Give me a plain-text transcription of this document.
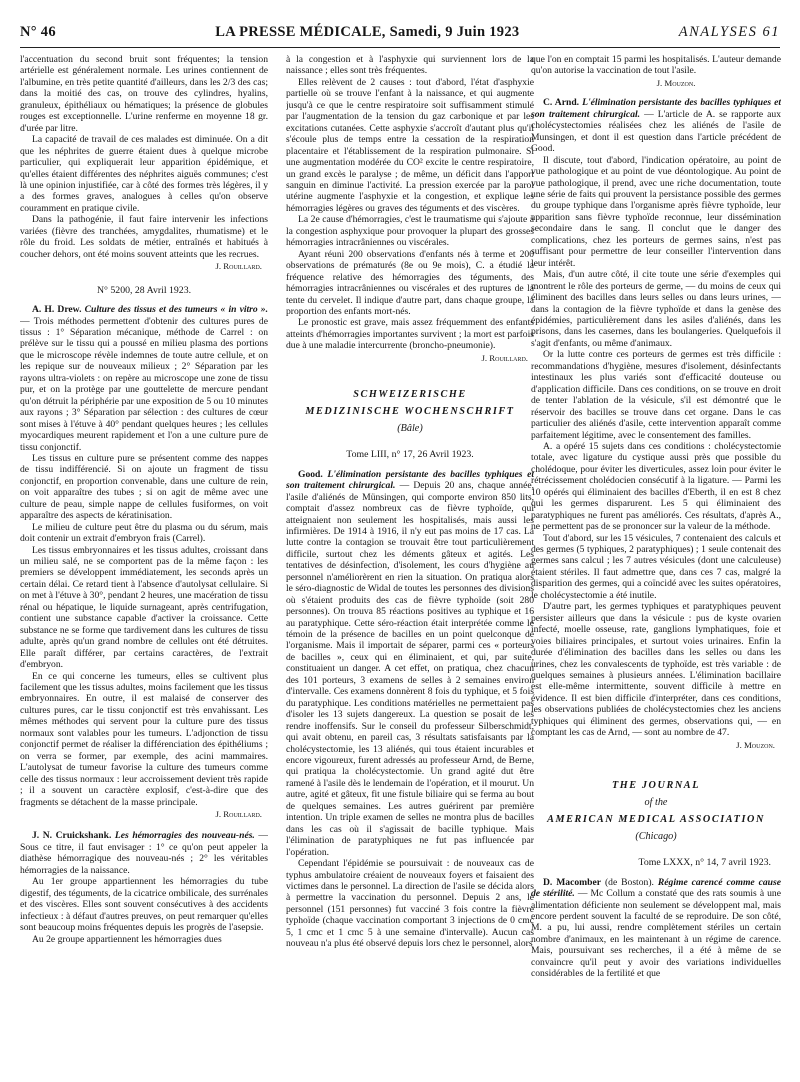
N° 46	LA PRESSE MÉDICALE, Samedi, 9 Juin 1923	ANALYSES 61

l'accentuation du second bruit sont fréquentes; la tension artérielle est généralement normale. Les urines contiennent de l'albumine, en très petite quantité d'ailleurs, dans les 2/3 des cas; dans la moitié des cas, on trouve des cylindres, hyalins, granuleux, épithéliaux ou hématiques; la présence de globules rouges est exceptionnelle. L'urine renferme en moyenne 18 gr. d'urée par litre.

La capacité de travail de ces malades est diminuée. On a dit que les néphrites de guerre étaient dues à quelque microbe particulier, qui expliquerait leur apparition épidémique, et qu'elles étaient différentes des néphrites aiguës communes; c'est là une opinion injustifiée, car à côté des formes très légères, il y a des formes graves, analogues à celles qu'on observe couramment en pratique civile.

Dans la pathogénie, il faut faire intervenir les infections variées (fièvre des tranchées, amygdalites, rhumatisme) et le rôle du froid. Les soldats de métier, entraînés et habitués à coucher dehors, ont été moins souvent atteints que les recrues.

J. Rouillard.
N° 5200, 28 Avril 1923.

A. H. Drew. Culture des tissus et des tumeurs « in vitro ». — Trois méthodes permettent d'obtenir des cultures pures de tissus : 1° Séparation mécanique, méthode de Carrel : on prélève sur le tissu qui a poussé en milieu plasma des portions que le microscope révèle indemnes de toute autre cellule, et on les repique sur de nouveaux milieux ; 2° Séparation par les rayons ultra-violets : on repère au microscope une zone de tissu pur, et on la protège par une gouttelette de mercure pendant qu'on détruit la périphérie par une exposition de 5 ou 10 minutes aux rayons ; 3° Séparation par sélection : des cultures de cœur sont mises à l'étuve à 40° pendant quelques heures ; les cellules myocardiques meurent rapidement et l'on a une culture pure de tissu conjonctif.

Les tissus en culture pure se présentent comme des nappes de tissu indifférencié. Si on ajoute un fragment de tissu conjonctif, en proportion convenable, dans une culture de rein, on voit apparaître des tubes ; si on agit de même avec une culture de peau, simple nappe de cellules fusiformes, on voit apparaître des aspects de kératinisation.

Le milieu de culture peut être du plasma ou du sérum, mais doit contenir un extrait d'embryon frais (Carrel).

Les tissus embryonnaires et les tissus adultes, croissant dans un milieu salé, ne se comportent pas de la même façon : les premiers se développent immédiatement, les seconds après un certain délai. Ce retard tient à l'absence d'autolysat cellulaire. Si on met à l'étuve à 30°, pendant 2 heures, une macération de tissu rénal ou hépatique, le liquide surnageant, après centrifugation, contient une substance capable d'activer la croissance. Cette substance ne se forme que tardivement dans les cultures de tissu adulte, après qu'un grand nombre de cellules ont été détruites. Elle paraît différer, par certains caractères, de l'extrait d'embryon.

En ce qui concerne les tumeurs, elles se cultivent plus facilement que les tissus adultes, moins facilement que les tissus embryonnaires. En outre, il est malaisé de conserver des cultures pures, car le tissu conjonctif est très envahissant. Les mêmes méthodes qui servent pour la culture pure des tissus normaux sont valables pour les tumeurs. L'adjonction de tissu conjonctif permet de réaliser la différenciation des épithéliums ; on verra se former, par exemple, des acini mammaires. L'autolysat de tumeur favorise la culture des tumeurs comme celle des tissus normaux : leur accroissement devient très rapide ; il a souvent un caractère explosif, c'est-à-dire que des fragments se détachent de la masse principale.

J. Rouillard.

J. N. Cruickshank. Les hémorragies des nouveau-nés. — Sous ce titre, il faut envisager : 1° ce qu'on peut appeler la diathèse hémorragique des nouveau-nés ; 2° les véritables hémorragies de la naissance.

Au 1er groupe appartiennent les hémorragies du tube digestif, des téguments, de la cicatrice ombilicale, des surrénales et des viscères. Elles sont souvent consécutives à des accidents infectieux : à défaut d'autres preuves, on peut remarquer qu'elles sont beaucoup moins fréquentes depuis les progrès de l'asepsie.

Au 2e groupe appartiennent les hémorragies dues

à la congestion et à l'asphyxie qui surviennent lors de la naissance ; elles sont très fréquentes.

Elles relèvent de 2 causes : tout d'abord, l'état d'asphyxie partielle où se trouve l'enfant à la naissance, et qui augmente jusqu'à ce que le centre respiratoire soit suffisamment stimulé par l'augmentation de la tension du gaz carbonique et par les excitations cutanées. Cette asphyxie s'accroît d'autant plus qu'il s'écoule plus de temps entre la cessation de la respiration placentaire et l'établissement de la respiration pulmonaire. Si une augmentation modérée du CO² excite le centre respiratoire, un grand excès le paralyse ; de même, un déficit dans l'apport sanguin en diminue l'activité. La pression exercée par la paroi utérine augmente l'asphyxie et la congestion, et explique les hémorragies légères ou graves des téguments et des viscères.

La 2e cause d'hémorragies, c'est le traumatisme qui s'ajoute à la congestion asphyxique pour provoquer la plupart des grosses hémorragies intracrâniennes ou viscérales.

Ayant réuni 200 observations d'enfants nés à terme et 200 observations de prématurés (8e ou 9e mois), C. a étudié la fréquence relative des hémorragies des téguments, des hémorragies intracrâniennes ou viscérales et des ruptures de la tente du cervelet. Il indique d'autre part, dans chaque groupe, la proportion des enfants mort-nés.

Le pronostic est grave, mais assez fréquemment des enfants atteints d'hémorragies importantes survivent ; la mort est parfois due à une maladie intercurrente (broncho-pneumonie).

J. Rouillard.
SCHWEIZERISCHE
MEDIZINISCHE WOCHENSCHRIFT
(Bâle)
Tome LIII, n° 17, 26 Avril 1923.

Good. L'élimination persistante des bacilles typhiques et son traitement chirurgical. — Depuis 20 ans, chaque année, l'asile d'aliénés de Münsingen, qui comporte environ 850 lits, comptait d'assez nombreux cas de fièvre typhoïde, qui atteignaient non seulement les hospitalisés, mais aussi les infirmières. De 1914 à 1916, il n'y eut pas moins de 17 cas. La lutte contre la contagion se trouvait être tout particulièrement difficile, surtout chez les déments gâteux et agités. Les tentatives de désinfection, d'isolement, les cours d'hygiène au personnel n'améliorèrent en rien la situation. On pratiqua alors le séro-diagnostic de Widal de toutes les personnes des divisions où s'étaient produits des cas de fièvre typhoïde (soit 280 personnes). On trouva 85 réactions positives au typhique et 16 au paratyphique. Cette séro-réaction était interprétée comme le témoin de la présence de bacilles en un point quelconque de l'organisme. Mais il importait de séparer, parmi ces « porteurs de bacilles », ceux qui en éliminaient, et qui, par suite, constituaient un danger. A cet effet, on pratiqua, chez chacun des 101 porteurs, 3 examens de selles à 2 semaines environ d'intervalle. Ces examens donnèrent 8 fois du typhique, et 5 fois du paratyphique. Les conditions matérielles ne permettaient pas d'isoler les 13 sujets dangereux. La question se posait de les rendre inoffensifs. Sur le conseil du professeur Silberschmidt, qui avait obtenu, en pareil cas, 3 résultats satisfaisants par la cholécystectomie, les 13 aliénés, qui tous étaient incurables et encore vigoureux, furent adressés au professeur Arnd, de Berne, qui pratiqua la cholécystectomie. Un grand agité dut être ramené à l'asile dès le lendemain de l'opération, et il mourut. Un autre, agité et gâteux, fit une fistule biliaire qui se ferma au bout de quelques semaines. Les autres guérirent par première intention. Un triple examen de selles ne montra plus de bacilles dans les cas où il s'agissait de bacille typhique. Mais l'élimination de paratyphiques ne fut pas influencée par l'opération.

Cependant l'épidémie se poursuivait : de nouveaux cas de typhus ambulatoire créaient de nouveaux foyers et faisaient des victimes dans le personnel. La direction de l'asile se décida alors à permettre la vaccination du personnel. Depuis 2 ans, le personnel (151 personnes) fut vacciné 3 fois contre la fièvre typhoïde (chaque vaccination comportant 3 injections de 0 cmc 5, 1 cmc et 1 cmc 5 à une semaine d'intervalle). Aucun cas nouveau n'a plus été observé depuis lors chez le personnel, alors

que l'on en comptait 15 parmi les hospitalisés. L'auteur demande qu'on autorise la vaccination de tout l'asile.

J. Mouzon.

C. Arnd. L'élimination persistante des bacilles typhiques et son traitement chirurgical. — L'article de A. se rapporte aux cholécystectomies réalisées chez les aliénés de l'asile de Munsingen, et dont il est question dans l'article précédent de Good.

Il discute, tout d'abord, l'indication opératoire, au point de vue pathologique et au point de vue déontologique. Au point de vue pathologique, il prend, avec une riche documentation, toute une série de faits qui prouvent la persistance possible des germes du groupe typhique dans l'organisme après fièvre typhoïde, leur apparition sans fièvre typhoïde reconnue, leur dissémination secondaire dans le sang. Il conclut que le danger des complications, chez les porteurs de germes sains, n'est pas suffisant pour permettre de leur conseiller l'intervention dans leur intérêt.

Mais, d'un autre côté, il cite toute une série d'exemples qui montrent le rôle des porteurs de germe, — du moins de ceux qui éliminent des bacilles dans leurs selles ou dans leurs urines, — dans la contagion de la fièvre typhoïde et dans la genèse des épidémies, particulièrement dans les asiles d'aliénés, dans les prisons, dans les casernes, dans les boulangeries. Quelquefois il s'agit d'enfants, ou même d'animaux.

Or la lutte contre ces porteurs de germes est très difficile : recommandations d'hygiène, mesures d'isolement, désinfectants intestinaux les plus variés sont d'efficacité douteuse ou d'application difficile. Dans ces conditions, on se trouve en droit de tenter l'ablation de la vésicule, s'il est démontré que le réservoir des bacilles se trouve dans cet organe. Dans le cas particulier des aliénés d'asile, cette intervention apparaît comme parfaitement légitime, avec le consentement des familles.

A. a opéré 15 sujets dans ces conditions : cholécystectomie totale, avec ligature du cystique aussi près que possible du cholédoque, pour éviter les diverticules, assez loin pour éviter le rétrécissement cholédocien consécutif à la ligature. — Parmi les 10 opérés qui éliminaient des bacilles d'Eberth, il en est 8 chez qui les germes disparurent. Les 5 qui éliminaient des paratyphiques ne furent pas améliorés. Ces résultats, d'après A., ne permettent pas de se prononcer sur la valeur de la méthode.

Tout d'abord, sur les 15 vésicules, 7 contenaient des calculs et des germes (5 typhiques, 2 paratyphiques) ; 1 seule contenait des germes sans calcul ; les 7 autres vésicules (dont une calculeuse) étaient stériles. Il faut admettre que, dans ces 7 cas, malgré la disparition des germes, qui a coïncidé avec les suites opératoires, le cholécystectomie a été inutile.

D'autre part, les germes typhiques et paratyphiques peuvent persister ailleurs que dans la vésicule : pus de kyste ovarien infecté, moelle osseuse, rate, ganglions lymphatiques, foie et voies biliaires principales, et surtout voies urinaires. Enfin la durée d'élimination des bacilles dans les selles ou dans les urines, chez les convalescents de typhoïde, est très variable : de quelques semaines à plusieurs années. L'élimination bacillaire est elle-même intermittente, souvent difficile à mettre en évidence. Il est bien difficile d'interpréter, dans ces conditions, les observations publiées de cholécystectomies chez les anciens typhiques qui éliminent des germes, observations qui, — en comptant les cas de Arnd, — sont au nombre de 47.

J. Mouzon.
THE JOURNAL
of the
AMERICAN MEDICAL ASSOCIATION
(Chicago)
Tome LXXX, n° 14, 7 avril 1923.

D. Macomber (de Boston). Régime carencé comme cause de stérilité. — Mc Collum a constaté que des rats soumis à une alimentation déficiente non seulement se développent mal, mais encore perdent souvent la faculté de se reproduire. De son côté, M. a pu, lui aussi, rendre complètement stériles un certain nombre d'animaux, en les maintenant à un régime de carence. Mais, poursuivant ses recherches, il a été à même de se convaincre qu'il peut y avoir des variations individuelles considérables de la fertilité et que
